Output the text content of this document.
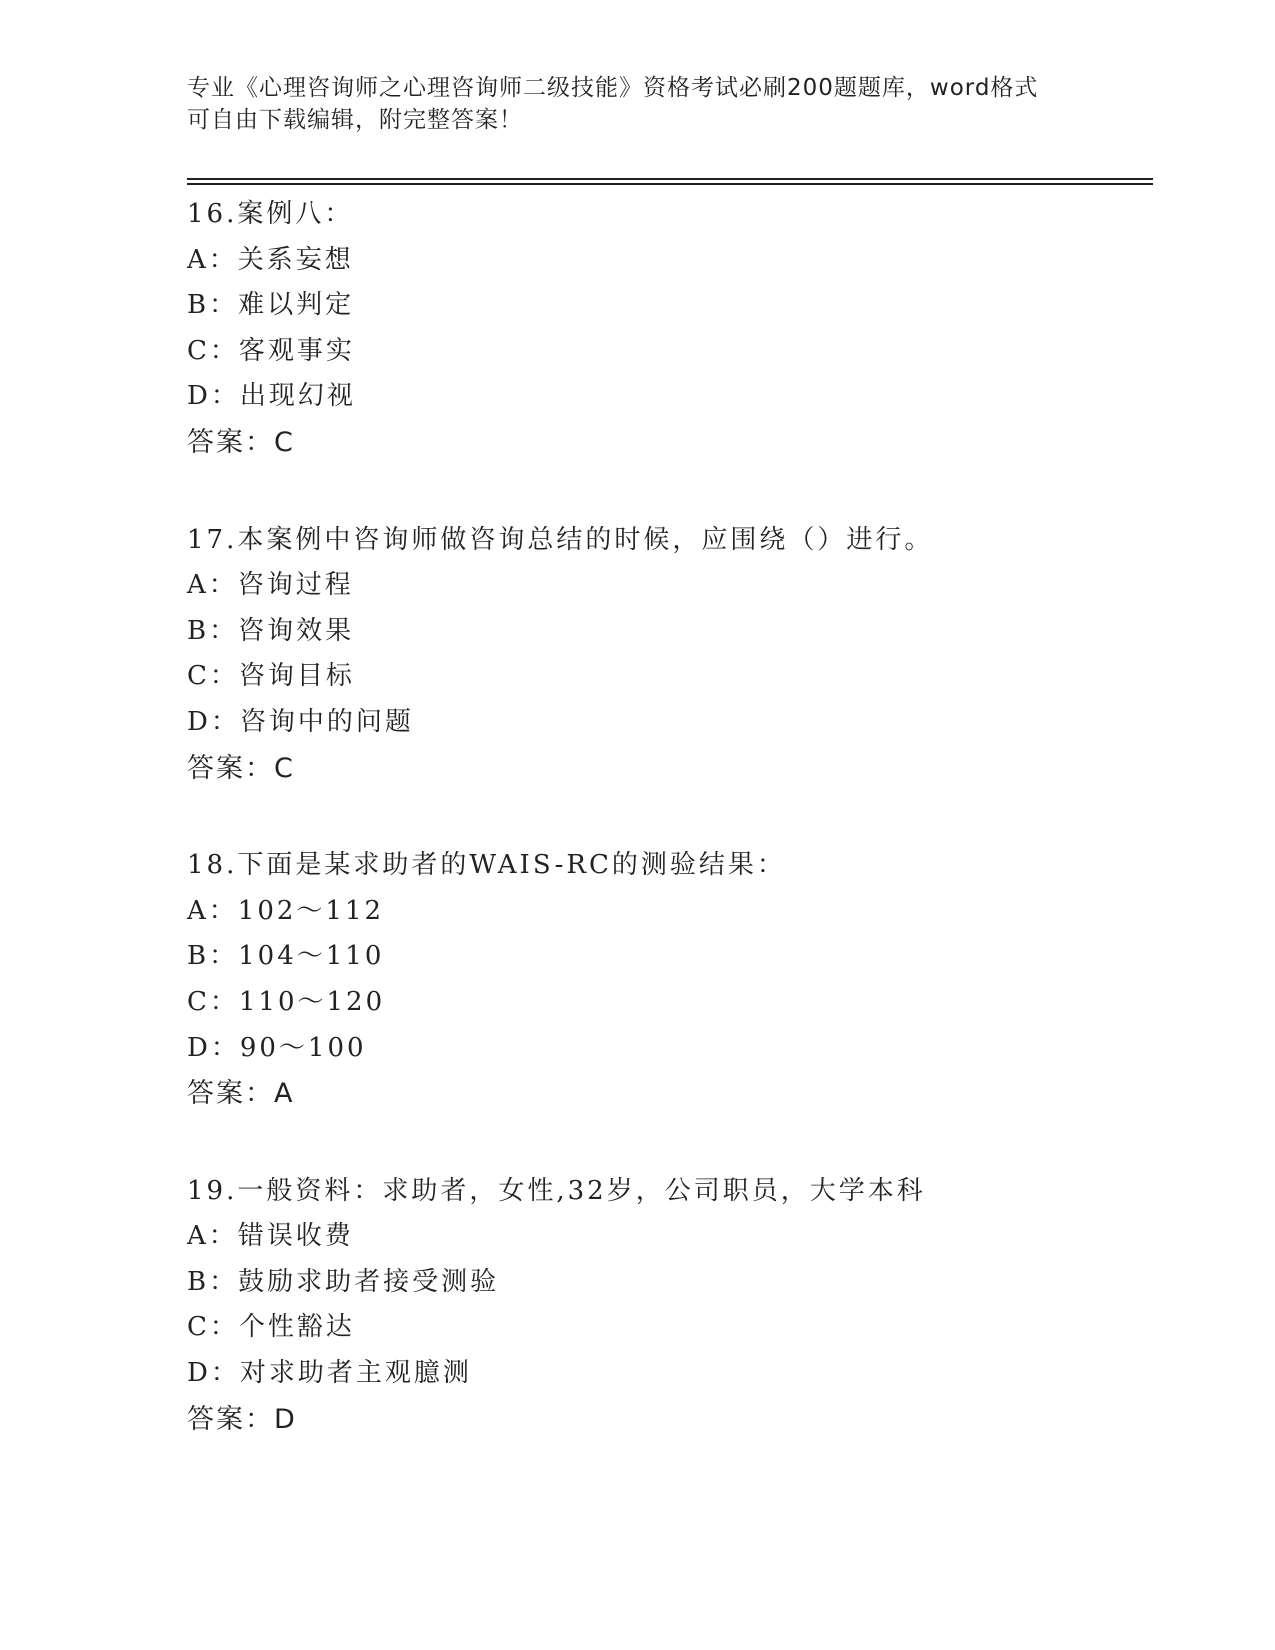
专业《心理咨询师之心理咨询师二级技能》资格考试必刷200题题库，word格式
可自由下载编辑，附完整答案！
16.案例八：
A：关系妄想
B：难以判定
C：客观事实
D：出现幻视
答案：C
17.本案例中咨询师做咨询总结的时候，应围绕（）进行。
A：咨询过程
B：咨询效果
C：咨询目标
D：咨询中的问题
答案：C
18.下面是某求助者的WAIS-RC的测验结果：
A：102～112
B：104～110
C：110～120
D：90～100
答案：A
19.一般资料：求助者，女性,32岁，公司职员，大学本科
A：错误收费
B：鼓励求助者接受测验
C：个性豁达
D：对求助者主观臆测
答案：D
